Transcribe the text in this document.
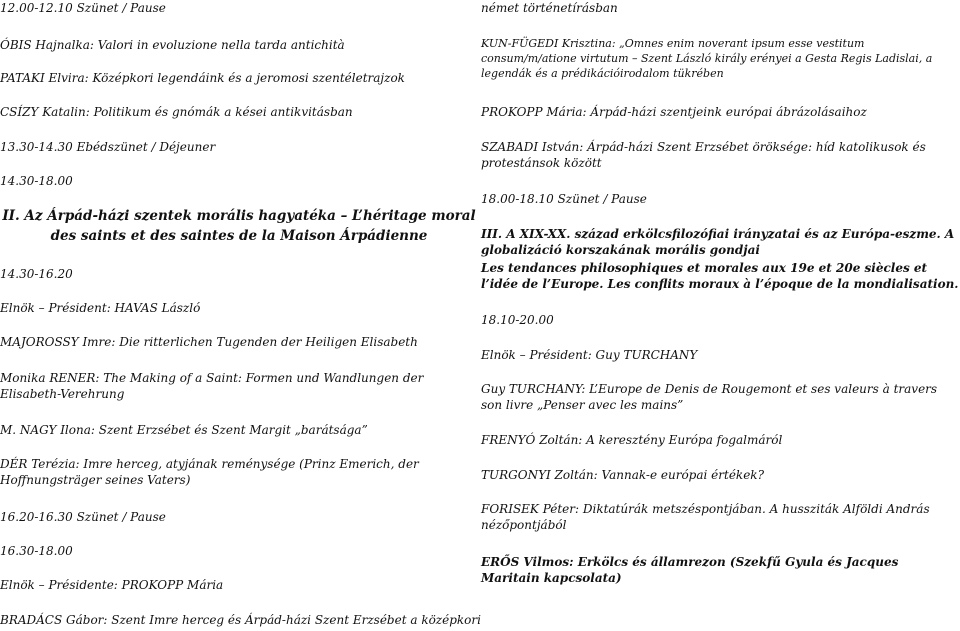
12.00-12.10 Szünet / Pause
ÓBIS Hajnalka: Valori in evoluzione nella tarda antichità
PATAKI Elvira: Középkori legendáink és a jeromosi szentéletrajzok
CSÍZY Katalin: Politikum és gnómák a kései antikvitásban
13.30-14.30 Ebédszünet / Déjeuner
14.30-18.00
II. Az Árpád-házi szentek morális hagyatéka – L’héritage moral des saints et des saintes de la Maison Árpádienne
14.30-16.20
Elnök – Président: HAVAS László
MAJOROSSY Imre: Die ritterlichen Tugenden der Heiligen Elisabeth
Monika RENER: The Making of a Saint: Formen und Wandlungen der Elisabeth-Verehrung
M. NAGY Ilona: Szent Erzsébet és Szent Margit „barátsága”
DÉR Terézia: Imre herceg, atyjának reménysége (Prinz Emerich, der Hoffnungsträger seines Vaters)
16.20-16.30 Szünet / Pause
16.30-18.00
Elnök – Présidente: PROKOPP Mária
BRADÁCS Gábor: Szent Imre herceg és Árpád-házi Szent Erzsébet a középkori
német történetírásban
KUN-FÜGEDI Krisztina: „Omnes enim noverant ipsum esse vestitum consum/m/atione virtutum – Szent László király erényei a Gesta Regis Ladislai, a legendák és a prédikációirodalom tükrében
PROKOPP Mária: Árpád-házi szentjeink európai ábrázolásaihoz
SZABADI István: Árpád-házi Szent Erzsébet öröksége: híd katolikusok és protestánsok között
18.00-18.10 Szünet / Pause
III. A XIX-XX. század erkölcsfilozófiai irányzatai és az Európa-eszme. A globalizáció korszakának morális gondjai
Les tendances philosophiques et morales aux 19e et 20e siècles et l’idée de l’Europe. Les conflits moraux à l’époque de la mondialisation.
18.10-20.00
Elnök – Président: Guy TURCHANY
Guy TURCHANY: L’Europe de Denis de Rougemont et ses valeurs à travers son livre „Penser avec les mains”
FRENYÓ Zoltán: A keresztény Európa fogalmáról
TURGONYI Zoltán: Vannak-e európai értékek?
FORISEK Péter: Diktatúrák metszéspontjában. A hussziták Alföldi András nézőpontjából
ERŐS Vilmos: Erkölcs és államrezon (Szekfű Gyula és Jacques Maritain kapcsolata)
